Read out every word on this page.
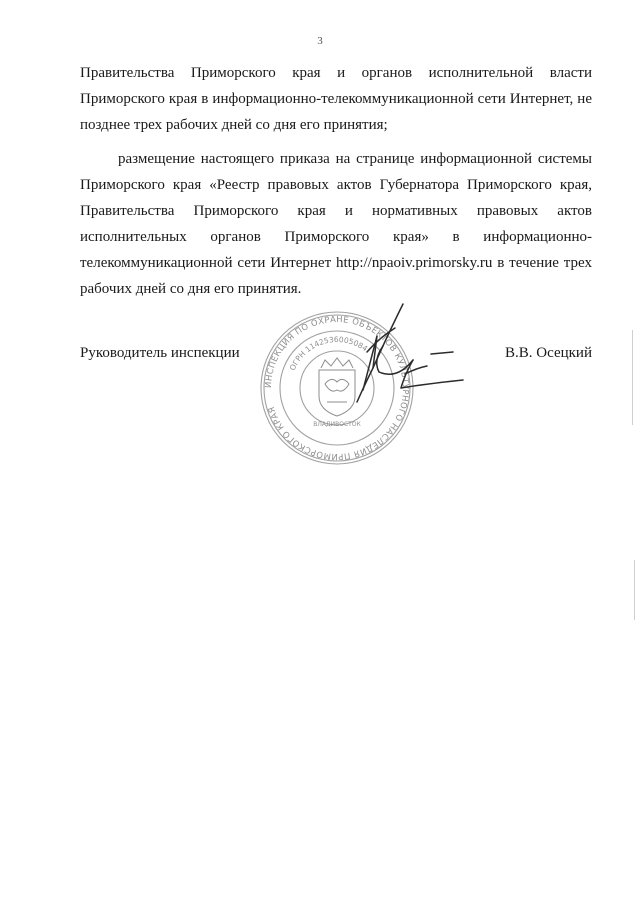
3
Правительства Приморского края и органов исполнительной власти
Приморского края в информационно-телекоммуникационной сети Интернет, не
позднее трех рабочих дней со дня его принятия;
размещение настоящего приказа на странице информационной системы
Приморского края «Реестр правовых актов Губернатора Приморского края,
Правительства Приморского края и нормативных правовых актов
исполнительных органов Приморского края» в информационно-
телекоммуникационной сети Интернет http://npaoiv.primorsky.ru в течение трех
рабочих дней со дня его принятия.
ИНСПЕКЦИЯ ПО ОХРАНЕ ОБЪЕКТОВ КУЛЬТУРНОГО НАСЛЕДИЯ ПРИМОРСКОГО КРАЯ
ОГРН 1142536005084
ВЛАДИВОСТОК
Руководитель инспекции	В.В. Осецкий
